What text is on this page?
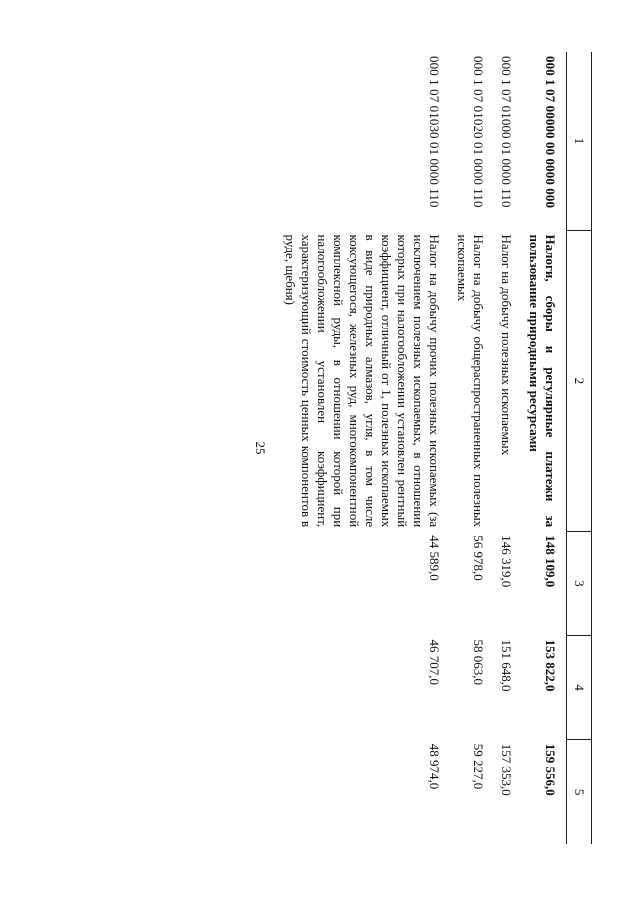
25
1	2	3	4	5
000 1 07 00000 00 0000 000	Налоги, сборы и регулярные платежи за пользование природными ресурсами	148 109,0	153 822,0	159 556,0
000 1 07 01000 01 0000 110	Налог на добычу полезных ископаемых	146 319,0	151 648,0	157 353,0
000 1 07 01020 01 0000 110	Налог на добычу общераспространенных полезных ископаемых	56 978,0	58 063,0	59 227,0
000 1 07 01030 01 0000 110	Налог на добычу прочих полезных ископаемых (за исключением полезных ископаемых, в отношении которых при налогообложении установлен рентный коэффициент, отличный от 1, полезных ископаемых в виде природных алмазов, угля, в том числе коксующегося, железных руд, многокомпонентной комплексной руды, в отношении которой при налогообложении установлен коэффициент, характеризующий стоимость ценных компонентов в руде, щебня)	44 589,0	46 707,0	48 974,0
